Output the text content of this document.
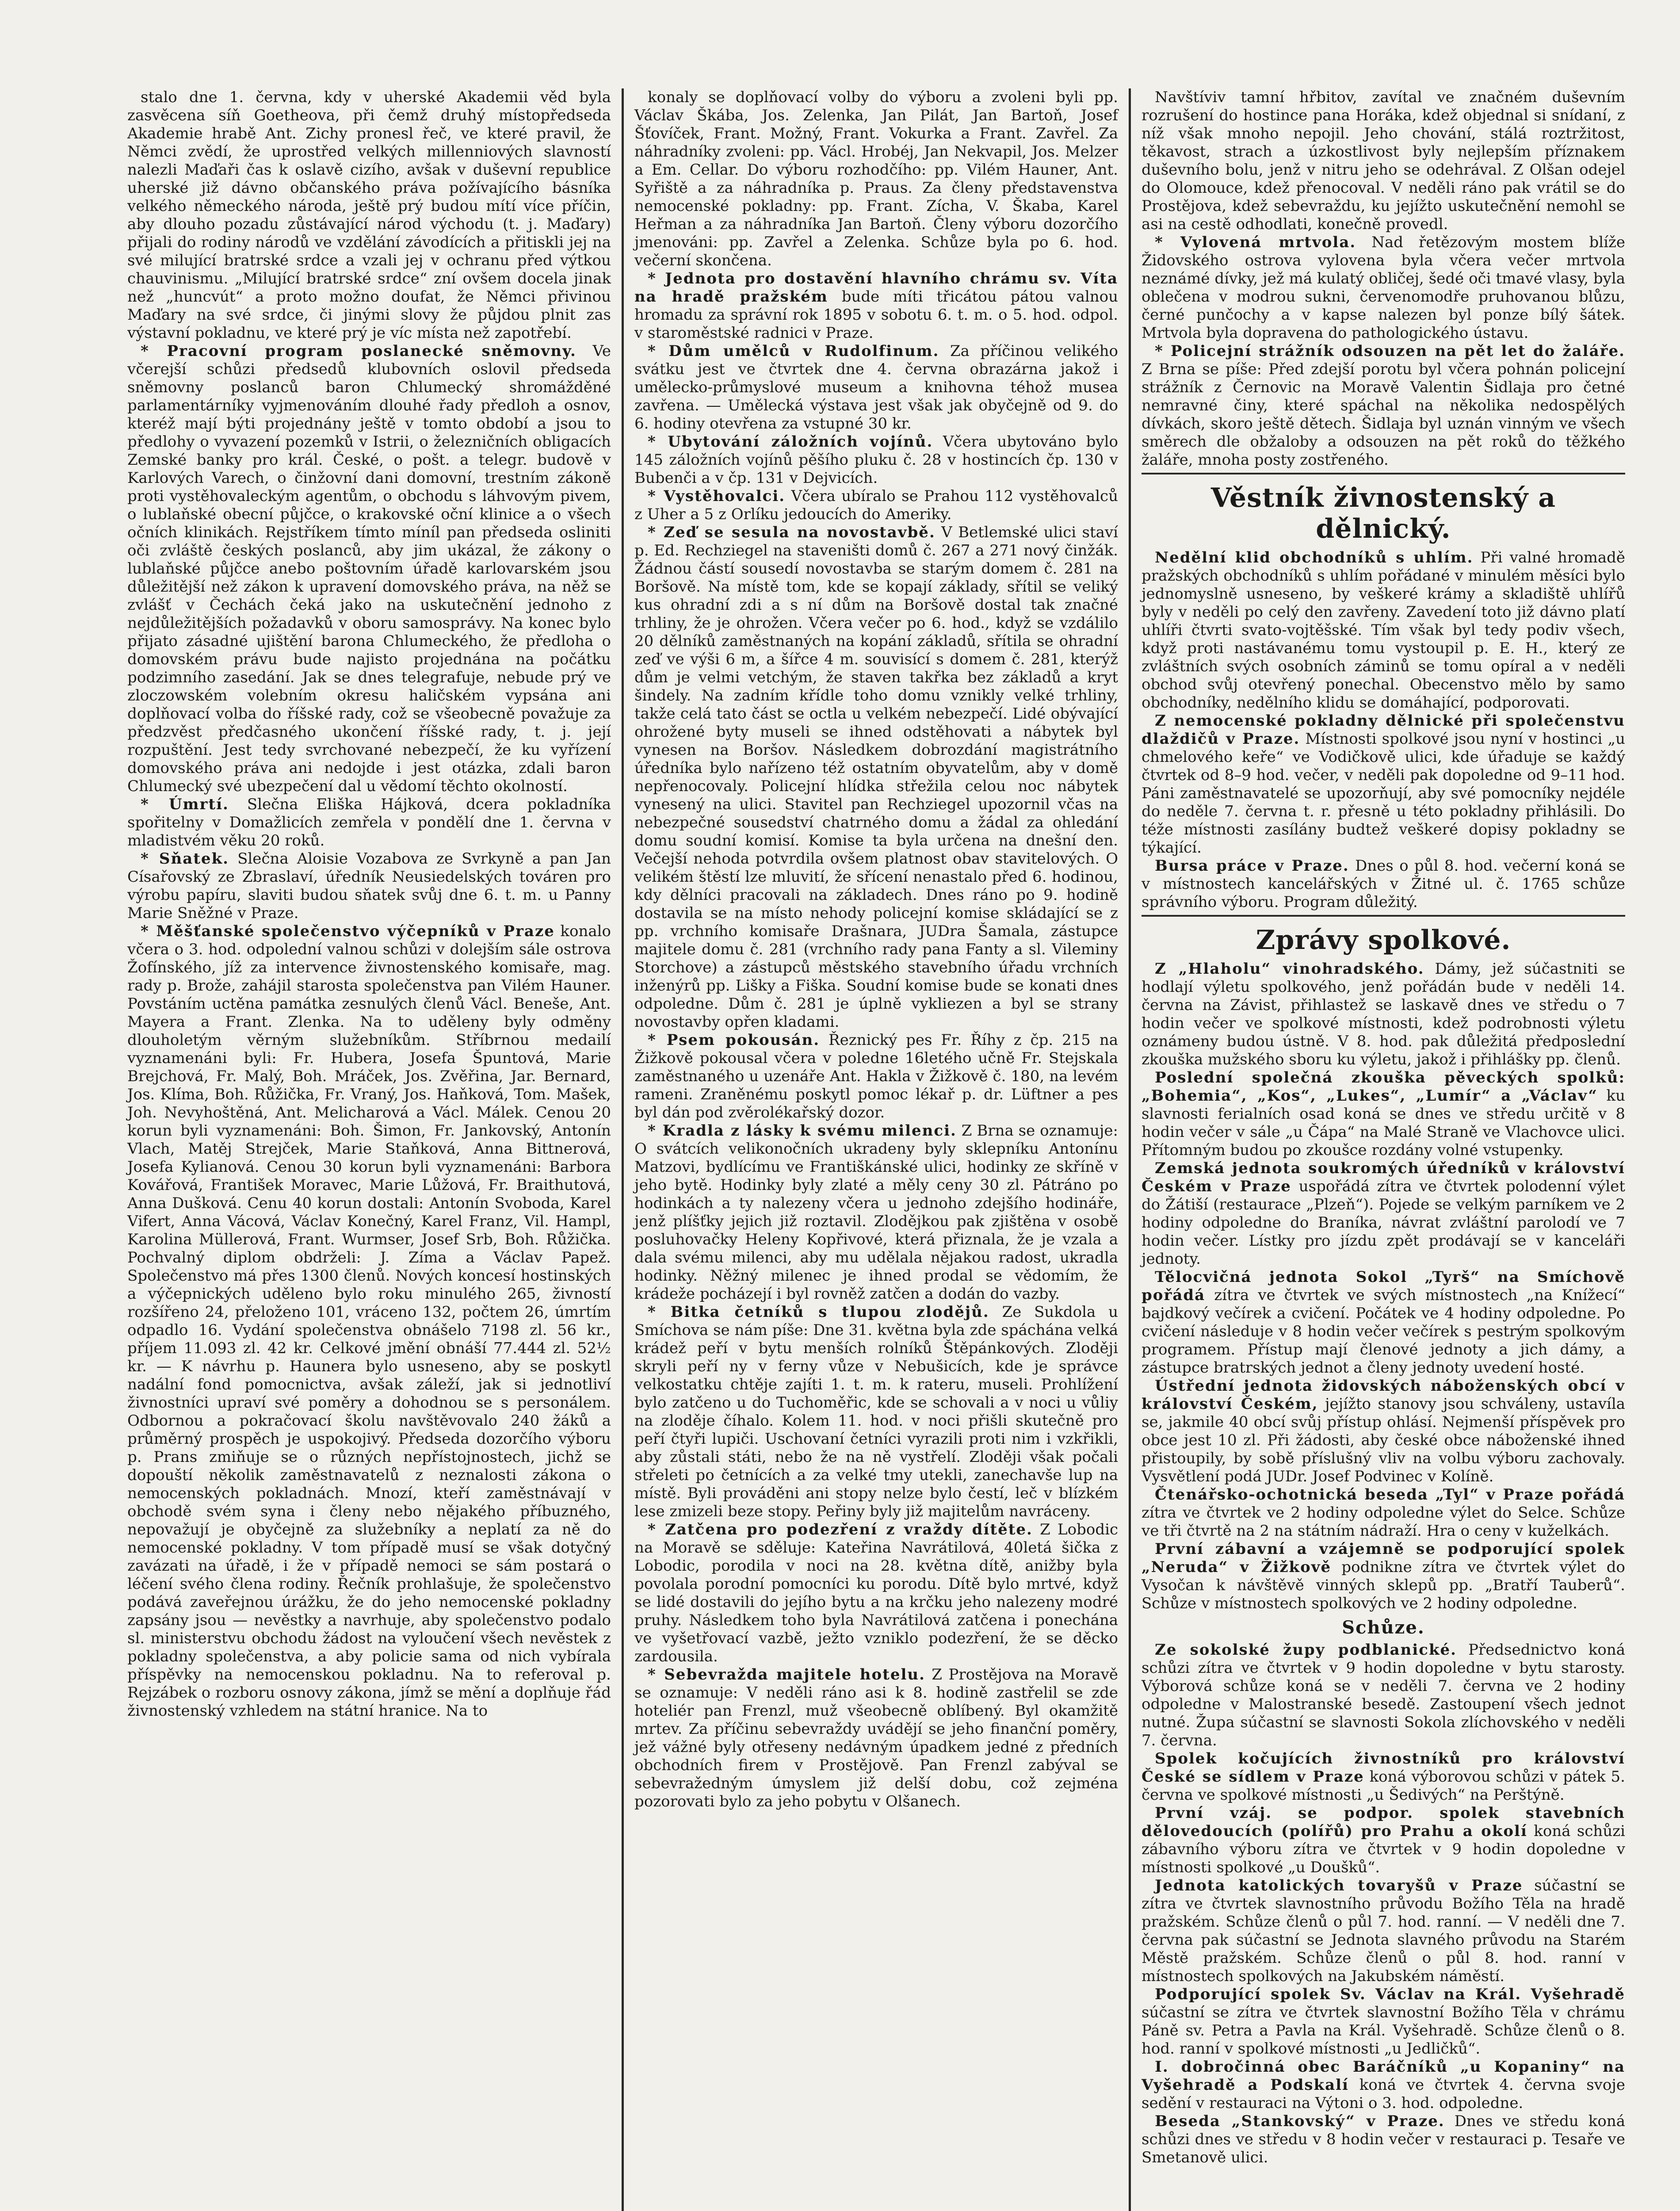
stalo dne 1. června, kdy v uherské Akademii věd byla zasvěcena síň Goetheova, při čemž druhý místopředseda Akademie hrabě Ant. Zichy pronesl řeč, ve které pravil, že Němci zvědí, že uprostřed velkých millenniových slavností nalezli Maďaři čas k oslavě cizího, avšak v duševní republice uherské již dávno občanského práva požívajícího básníka velkého německého národa, ještě prý budou mítí více příčin, aby dlouho pozadu zůstávající národ východu (t. j. Maďary) přijali do rodiny národů ve vzdělání závodících a přitiskli jej na své milující bratrské srdce a vzali jej v ochranu před výtkou chauvinismu. „Milující bratrské srdce“ zní ovšem docela jinak než „huncvút“ a proto možno doufat, že Němci přivinou Maďary na své srdce, či jinými slovy že půjdou plnit zas výstavní pokladnu, ve které prý je víc místa než zapotřebí.

* Pracovní program poslanecké sněmovny. Ve včerejší schůzi předsedů klubovních oslovil předseda sněmovny poslanců baron Chlumecký shromážděné parlamentárníky vyjmenováním dlouhé řady předloh a osnov, kteréž mají býti projednány ještě v tomto období a jsou to předlohy o vyvazení pozemků v Istrii, o železničních obligacích Zemské banky pro král. České, o pošt. a telegr. budově v Karlových Varech, o činžovní dani domovní, trestním zákoně proti vystěhovaleckým agentům, o obchodu s láhvovým pivem, o lublaňské obecní půjčce, o krakovské oční klinice a o všech očních klinikách. Rejstříkem tímto míníl pan předseda osliniti oči zvláště českých poslanců, aby jim ukázal, že zákony o lublaňské půjčce anebo poštovním úřadě karlovarském jsou důležitější než zákon k upravení domovského práva, na něž se zvlášť v Čechách čeká jako na uskutečnění jednoho z nejdůležitějších požadavků v oboru samosprávy. Na konec bylo přijato zásadné ujištění barona Chlumeckého, že předloha o domovském právu bude najisto projednána na počátku podzimního zasedání. Jak se dnes telegrafuje, nebude prý ve zloczowském volebním okresu haličském vypsána ani doplňovací volba do říšské rady, což se všeobecně považuje za předzvěst předčasného ukončení říšské rady, t. j. její rozpuštění. Jest tedy svrchované nebezpečí, že ku vyřízení domovského práva ani nedojde i jest otázka, zdali baron Chlumecký své ubezpečení dal u vědomí těchto okolností.

* Úmrtí. Slečna Eliška Hájková, dcera pokladníka spořitelny v Domažlicích zemřela v pondělí dne 1. června v mladistvém věku 20 roků.

* Sňatek. Slečna Aloisie Vozabova ze Svrkyně a pan Jan Císařovský ze Zbraslaví, úředník Neusiedelských továren pro výrobu papíru, slaviti budou sňatek svůj dne 6. t. m. u Panny Marie Sněžné v Praze.

* Měšťanské společenstvo výčepníků v Praze konalo včera o 3. hod. odpolední valnou schůzi v dolejším sále ostrova Žofínského, jíž za intervence živnostenského komisaře, mag. rady p. Brože, zahájil starosta společenstva pan Vilém Hauner. Povstáním uctěna památka zesnulých členů Václ. Beneše, Ant. Mayera a Frant. Zlenka. Na to uděleny byly odměny dlouholetým věrným služebníkům. Stříbrnou medailí vyznamenáni byli: Fr. Hubera, Josefa Špuntová, Marie Brejchová, Fr. Malý, Boh. Mráček, Jos. Zvěřina, Jar. Bernard, Jos. Klíma, Boh. Růžička, Fr. Vraný, Jos. Haňková, Tom. Mašek, Joh. Nevyhoštěná, Ant. Melicharová a Václ. Málek. Cenou 20 korun byli vyznamenáni: Boh. Šimon, Fr. Jankovský, Antonín Vlach, Matěj Strejček, Marie Staňková, Anna Bittnerová, Josefa Kylianová. Cenou 30 korun byli vyznamenáni: Barbora Kovářová, František Moravec, Marie Lůžová, Fr. Braithutová, Anna Dušková. Cenu 40 korun dostali: Antonín Svoboda, Karel Vifert, Anna Vácová, Václav Konečný, Karel Franz, Vil. Hampl, Karolina Müllerová, Frant. Wurmser, Josef Srb, Boh. Růžička. Pochvalný diplom obdrželi: J. Zíma a Václav Papež. Společenstvo má přes 1300 členů. Nových koncesí hostinských a výčepnických uděleno bylo roku minulého 265, živností rozšířeno 24, přeloženo 101, vráceno 132, počtem 26, úmrtím odpadlo 16. Vydání společenstva obnášelo 7198 zl. 56 kr., příjem 11.093 zl. 42 kr. Celkové jmění obnáší 77.444 zl. 52½ kr. — K návrhu p. Haunera bylo usneseno, aby se poskytl nadální fond pomocnictva, avšak záleží, jak si jednotliví živnostníci upraví své poměry a dohodnou se s personálem. Odbornou a pokračovací školu navštěvovalo 240 žáků a průměrný prospěch je uspokojivý. Předseda dozorčího výboru p. Prans zmiňuje se o různých nepřístojnostech, jichž se dopouští několik zaměstnavatelů z neznalosti zákona o nemocenských pokladnách. Mnozí, kteří zaměstnávají v obchodě svém syna i členy nebo nějakého příbuzného, nepovažují je obyčejně za služebníky a neplatí za ně do nemocenské pokladny. V tom případě musí se však dotyčný zavázati na úřadě, i že v případě nemoci se sám postará o léčení svého člena rodiny. Řečník prohlašuje, že společenstvo podává zaveřejnou úrážku, že do jeho nemocenské pokladny zapsány jsou — nevěstky a navrhuje, aby společenstvo podalo sl. ministerstvu obchodu žádost na vyloučení všech nevěstek z pokladny společenstva, a aby policie sama od nich vybírala příspěvky na nemocenskou pokladnu. Na to referoval p. Rejzábek o rozboru osnovy zákona, jímž se mění a doplňuje řád živnostenský vzhledem na státní hranice. Na to

konaly se doplňovací volby do výboru a zvoleni byli pp. Václav Škába, Jos. Zelenka, Jan Pilát, Jan Bartoň, Josef Šťovíček, Frant. Možný, Frant. Vokurka a Frant. Zavřel. Za náhradníky zvoleni: pp. Václ. Hrobéj, Jan Nekvapil, Jos. Melzer a Em. Cellar. Do výboru rozhodčího: pp. Vilém Hauner, Ant. Syřiště a za náhradníka p. Praus. Za členy představenstva nemocenské pokladny: pp. Frant. Zícha, V. Škaba, Karel Heřman a za náhradníka Jan Bartoň. Členy výboru dozorčího jmenováni: pp. Zavřel a Zelenka. Schůze byla po 6. hod. večerní skončena.

* Jednota pro dostavění hlavního chrámu sv. Víta na hradě pražském bude míti třicátou pátou valnou hromadu za správní rok 1895 v sobotu 6. t. m. o 5. hod. odpol. v staroměstské radnici v Praze.

* Dům umělců v Rudolfinum. Za příčinou velikého svátku jest ve čtvrtek dne 4. června obrazárna jakož i umělecko-průmyslové museum a knihovna téhož musea zavřena. — Umělecká výstava jest však jak obyčejně od 9. do 6. hodiny otevřena za vstupné 30 kr.

* Ubytování záložních vojínů. Včera ubytováno bylo 145 záložních vojínů pěšího pluku č. 28 v hostincích čp. 130 v Bubenči a v čp. 131 v Dejvicích.

* Vystěhovalci. Včera ubíralo se Prahou 112 vystěhovalců z Uher a 5 z Orlíku jedoucích do Ameriky.

* Zeď se sesula na novostavbě. V Betlemské ulici staví p. Ed. Rechziegel na staveništi domů č. 267 a 271 nový činžák. Žádnou částí sousedí novostavba se starým domem č. 281 na Boršově. Na místě tom, kde se kopají základy, sřítil se veliký kus ohradní zdi a s ní dům na Boršově dostal tak značné trhliny, že je ohrožen. Včera večer po 6. hod., když se vzdálilo 20 dělníků zaměstnaných na kopání základů, sřítila se ohradní zeď ve výši 6 m, a šířce 4 m. souvisící s domem č. 281, kterýž dům je velmi vetchým, že staven takřka bez základů a kryt šindely. Na zadním křídle toho domu vznikly velké trhliny, takže celá tato část se octla u velkém nebezpečí. Lidé obývající ohrožené byty museli se ihned odstěhovati a nábytek byl vynesen na Boršov. Následkem dobrozdání magistrátního úředníka bylo nařízeno též ostatním obyvatelům, aby v domě nepřenocovaly. Policejní hlídka střežila celou noc nábytek vynesený na ulici. Stavitel pan Rechziegel upozornil včas na nebezpečné sousedství chatrného domu a žádal za ohledání domu soudní komisí. Komise ta byla určena na dnešní den. Večejší nehoda potvrdila ovšem platnost obav stavitelových. O velikém štěstí lze mluvití, že sřícení nenastalo před 6. hodinou, kdy dělníci pracovali na základech. Dnes ráno po 9. hodině dostavila se na místo nehody policejní komise skládající se z pp. vrchního komisaře Drašnara, JUDra Šamala, zástupce majitele domu č. 281 (vrchního rady pana Fanty a sl. Vileminy Storchove) a zástupců městského stavebního úřadu vrchních inženýrů pp. Lišky a Fiška. Soudní komise bude se konati dnes odpoledne. Dům č. 281 je úplně vykliezen a byl se strany novostavby opřen kladami.

* Psem pokousán. Řeznický pes Fr. Říhy z čp. 215 na Žižkově pokousal včera v poledne 16letého učně Fr. Stejskala zaměstnaného u uzenáře Ant. Hakla v Žižkově č. 180, na levém rameni. Zraněnému poskytl pomoc lékař p. dr. Lüftner a pes byl dán pod zvěrolékařský dozor.

* Kradla z lásky k svému milenci. Z Brna se oznamuje: O svátcích velikonočních ukradeny byly sklepníku Antonínu Matzovi, bydlícímu ve Františkánské ulici, hodinky ze skříně v jeho bytě. Hodinky byly zlaté a měly ceny 30 zl. Pátráno po hodinkách a ty nalezeny včera u jednoho zdejšího hodináře, jenž plíšťky jejich již roztavil. Zlodějkou pak zjištěna v osobě posluhovačky Heleny Kopřivové, která přiznala, že je vzala a dala svému milenci, aby mu udělala nějakou radost, ukradla hodinky. Něžný milenec je ihned prodal se vědomím, že krádeže pocházejí i byl rovněž zatčen a dodán do vazby.

* Bitka četníků s tlupou zlodějů. Ze Sukdola u Smíchova se nám píše: Dne 31. května byla zde spáchána velká krádež peří v bytu menších rolníků Štěpánkových. Zloději skryli peří ny v ferny vůze v Nebušicích, kde je správce velkostatku chtěje zajíti 1. t. m. k rateru, museli. Prohlížení bylo zatčeno u do Tuchoměřic, kde se schovali a v noci u vůliy na zloděje číhalo. Kolem 11. hod. v noci přišli skutečně pro peří čtyři lupiči. Uschovaní četníci vyrazili proti nim i vzkřikli, aby zůstali státi, nebo že na ně vystřelí. Zloději však počali střeleti po četnících a za velké tmy utekli, zanechavše lup na místě. Byli prováděni ani stopy nelze bylo čestí, leč v blízkém lese zmizeli beze stopy. Peřiny byly již majitelům navráceny.

* Zatčena pro podezření z vraždy dítěte. Z Lobodic na Moravě se sděluje: Kateřina Navrátilová, 40letá šička z Lobodic, porodila v noci na 28. května dítě, anižby byla povolala porodní pomocníci ku porodu. Dítě bylo mrtvé, když se lidé dostavili do jejího bytu a na krčku jeho nalezeny modré pruhy. Následkem toho byla Navrátilová zatčena i ponechána ve vyšetřovací vazbě, ježto vzniklo podezření, že se děcko zardousila.

* Sebevražda majitele hotelu. Z Prostějova na Moravě se oznamuje: V neděli ráno asi k 8. hodině zastřelil se zde hoteliér pan Frenzl, muž všeobecně oblíbený. Byl okamžitě mrtev. Za příčinu sebevraždy uvádějí se jeho finanční poměry, jež vážné byly otřeseny nedávným úpadkem jedné z předních obchodních firem v Prostějově. Pan Frenzl zabýval se sebevražedným úmyslem již delší dobu, což zejména pozorovati bylo za jeho pobytu v Olšanech.

Navštíviv tamní hřbitov, zavítal ve značném duševním rozrušení do hostince pana Horáka, kdež objednal si snídaní, z níž však mnoho nepojil. Jeho chování, stálá roztržitost, těkavost, strach a úzkostlivost byly nejlepším příznakem duševního bolu, jenž v nitru jeho se odehrával. Z Olšan odejel do Olomouce, kdež přenocoval. V neděli ráno pak vrátil se do Prostějova, kdež sebevraždu, ku jejížto uskutečnění nemohl se asi na cestě odhodlati, konečně provedl.

* Vylovená mrtvola. Nad řetězovým mostem blíže Židovského ostrova vylovena byla včera večer mrtvola neznámé dívky, jež má kulatý obličej, šedé oči tmavé vlasy, byla oblečena v modrou sukni, červenomodře pruhovanou blůzu, černé punčochy a v kapse nalezen byl ponze bílý šátek. Mrtvola byla dopravena do pathologického ústavu.

* Policejní strážník odsouzen na pět let do žaláře. Z Brna se píše: Před zdejší porotu byl včera pohnán policejní strážník z Černovic na Moravě Valentin Šidlaja pro četné nemravné činy, které spáchal na několika nedospělých dívkách, skoro ještě dětech. Šidlaja byl uznán vinným ve všech směrech dle obžaloby a odsouzen na pět roků do těžkého žaláře, mnoha posty zostřeného.

Věstník živnostenský a dělnický.

Nedělní klid obchodníků s uhlím. Při valné hromadě pražských obchodníků s uhlím pořádané v minulém měsíci bylo jednomyslně usneseno, by veškeré krámy a skladiště uhlířů byly v neděli po celý den zavřeny. Zavedení toto již dávno platí uhlíři čtvrti svato-vojtěšské. Tím však byl tedy podiv všech, když proti nastávanému tomu vystoupil p. E. H., který ze zvláštních svých osobních záminů se tomu opíral a v neděli obchod svůj otevřený ponechal. Obecenstvo mělo by samo obchodníky, nedělního klidu se domáhající, podporovati.

Z nemocenské pokladny dělnické při společenstvu dlaždičů v Praze. Místnosti spolkové jsou nyní v hostinci „u chmelového keře“ ve Vodičkově ulici, kde úřaduje se každý čtvrtek od 8–9 hod. večer, v neděli pak dopoledne od 9–11 hod. Páni zaměstnavatelé se upozorňují, aby své pomocníky nejdéle do neděle 7. června t. r. přesně u této pokladny přihlásili. Do téže místnosti zasílány budtež veškeré dopisy pokladny se týkající.

Bursa práce v Praze. Dnes o půl 8. hod. večerní koná se v místnostech kancelářských v Žitné ul. č. 1765 schůze správního výboru. Program důležitý.

Zprávy spolkové.

Z „Hlaholu“ vinohradského. Dámy, jež súčastniti se hodlají výletu spolkového, jenž pořádán bude v neděli 14. června na Závist, přihlastež se laskavě dnes ve středu o 7 hodin večer ve spolkové místnosti, kdež podrobnosti výletu oznámeny budou ústně. V 8. hod. pak důležitá předposlední zkouška mužského sboru ku výletu, jakož i přihlášky pp. členů.

Poslední společná zkouška pěveckých spolků: „Bohemia“, „Kos“, „Lukes“, „Lumír“ a „Václav“ ku slavnosti ferialních osad koná se dnes ve středu určitě v 8 hodin večer v sále „u Čápa“ na Malé Straně ve Vlachovce ulici. Přítomným budou po zkoušce rozdány volné vstupenky.

Zemská jednota soukromých úředníků v království Českém v Praze uspořádá zítra ve čtvrtek polodenní výlet do Žátiší (restaurace „Plzeň“). Pojede se velkým parníkem ve 2 hodiny odpoledne do Braníka, návrat zvláštní parolodí ve 7 hodin večer. Lístky pro jízdu zpět prodávají se v kanceláři jednoty.

Tělocvičná jednota Sokol „Tyrš“ na Smíchově pořádá zítra ve čtvrtek ve svých místnostech „na Knížecí“ bajdkový večírek a cvičení. Počátek ve 4 hodiny odpoledne. Po cvičení následuje v 8 hodin večer večírek s pestrým spolkovým programem. Přístup mají členové jednoty a jich dámy, a zástupce bratrských jednot a členy jednoty uvedení hosté.

Ústřední jednota židovských náboženských obcí v království Českém, jejížto stanovy jsou schváleny, ustavíla se, jakmile 40 obcí svůj přístup ohlásí. Nejmenší příspěvek pro obce jest 10 zl. Při žádosti, aby české obce náboženské ihned přistoupily, by sobě příslušný vliv na volbu výboru zachovaly. Vysvětlení podá JUDr. Josef Podvinec v Kolíně.

Čtenářsko-ochotnická beseda „Tyl“ v Praze pořádá zítra ve čtvrtek ve 2 hodiny odpoledne výlet do Selce. Schůze ve tři čtvrtě na 2 na státním nádraží. Hra o ceny v kuželkách.

První zábavní a vzájemně se podporující spolek „Neruda“ v Žižkově podnikne zítra ve čtvrtek výlet do Vysočan k návštěvě vinných sklepů pp. „Bratří Tauberů“. Schůze v místnostech spolkových ve 2 hodiny odpoledne.

Schůze.

Ze sokolské župy podblanické. Předsednictvo koná schůzi zítra ve čtvrtek v 9 hodin dopoledne v bytu starosty. Výborová schůze koná se v neděli 7. června ve 2 hodiny odpoledne v Malostranské besedě. Zastoupení všech jednot nutné. Župa súčastní se slavnosti Sokola zlíchovského v neděli 7. června.

Spolek kočujících živnostníků pro království České se sídlem v Praze koná výborovou schůzi v pátek 5. června ve spolkové místnosti „u Šedivých“ na Perštýně.

První vzáj. se podpor. spolek stavebních dělovedoucích (polířů) pro Prahu a okolí koná schůzi zábavního výboru zítra ve čtvrtek v 9 hodin dopoledne v místnosti spolkové „u Doušků“.

Jednota katolických tovaryšů v Praze súčastní se zítra ve čtvrtek slavnostního průvodu Božího Těla na hradě pražském. Schůze členů o půl 7. hod. ranní. — V neděli dne 7. června pak súčastní se Jednota slavného průvodu na Starém Městě pražském. Schůze členů o půl 8. hod. ranní v místnostech spolkových na Jakubském náměstí.

Podporující spolek Sv. Václav na Král. Vyšehradě súčastní se zítra ve čtvrtek slavnostní Božího Těla v chrámu Páně sv. Petra a Pavla na Král. Vyšehradě. Schůze členů o 8. hod. ranní v spolkové místnosti „u Jedličků“.

I. dobročinná obec Baráčníků „u Kopaniny“ na Vyšehradě a Podskalí koná ve čtvrtek 4. června svoje sedění v restauraci na Výtoni o 3. hod. odpoledne.

Beseda „Stankovský“ v Praze. Dnes ve středu koná schůzi dnes ve středu v 8 hodin večer v restauraci p. Tesaře ve Smetanově ulici.
